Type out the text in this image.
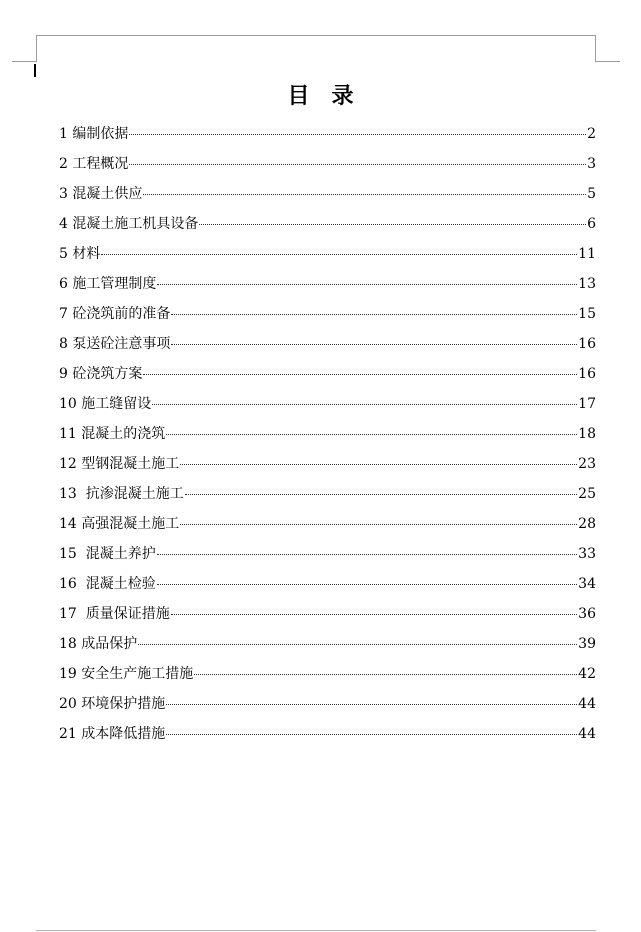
目录
1 编制依据	2
2 工程概况	3
3 混凝土供应	5
4 混凝土施工机具设备	6
5 材料	11
6 施工管理制度	13
7 砼浇筑前的准备	15
8 泵送砼注意事项	16
9 砼浇筑方案	16
10 施工缝留设	17
11 混凝土的浇筑	18
12 型钢混凝土施工	23
13  抗渗混凝土施工	25
14 高强混凝土施工	28
15  混凝土养护	33
16  混凝土检验	34
17  质量保证措施	36
18 成品保护	39
19 安全生产施工措施	42
20 环境保护措施	44
21 成本降低措施	44
